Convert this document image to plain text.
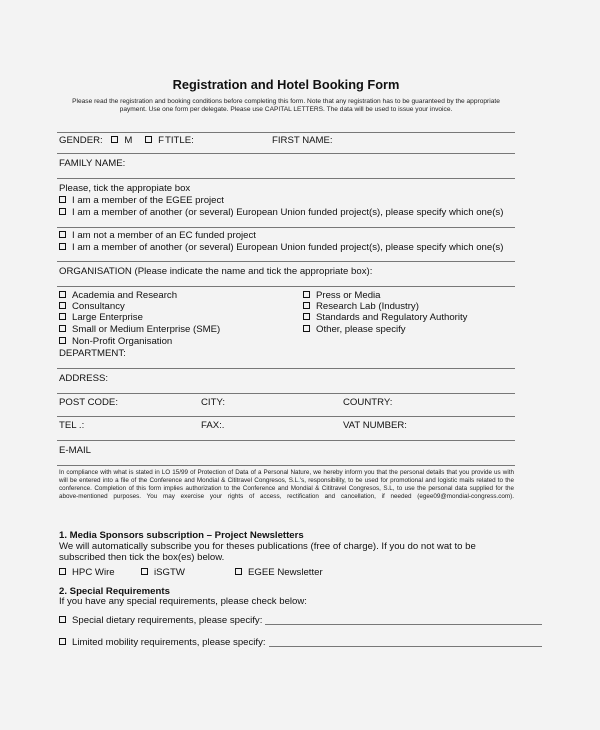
Registration and Hotel Booking Form
Please read the registration and booking conditions before completing this form. Note that any registration has to be guaranteed by the appropriate payment. Use one form per delegate. Please use CAPITAL LETTERS. The data will be used to issue your invoice.
GENDER: M	F TITLE:	FIRST NAME:
FAMILY NAME:
Please, tick the appropiate box
I am a member of the EGEE project
I am a member of another (or several) European Union funded project(s), please specify which one(s)
I am not a member of an EC funded project
I am a member of another (or several) European Union funded project(s), please specify which one(s)
ORGANISATION (Please indicate the name and tick the appropriate box):
Academia and Research
Consultancy
Large Enterprise
Small or Medium Enterprise (SME)
Non-Profit Organisation
Press or Media
Research Lab (Industry)
Standards and Regulatory Authority
Other, please specify
DEPARTMENT:
ADDRESS:
POST CODE:	CITY:	COUNTRY:
TEL .:	FAX:.	VAT NUMBER:
E-MAIL
In compliance with what is stated in LO 15/99 of Protection of Data of a Personal Nature, we hereby inform you that the personal details that you provide us with will be entered into a file of the Conference and Mondial & Cititravel Congresos, S.L.'s, responsibility, to be used for promotional and logistic mails related to the conference. Completion of this form implies authorization to the Conference and Mondial & Cititravel Congresos, S.L, to use the personal data supplied for the above-mentioned purposes. You may exercise your rights of access, rectification and cancellation, if needed (egee09@mondial-congress.com).
1. Media Sponsors subscription – Project Newsletters
We will automatically subscribe you for theses publications (free of charge). If you do not wat to be
subscribed then tick the box(es) below.
HPC Wire	iSGTW	EGEE Newsletter
2. Special Requirements
If you have any special requirements, please check below:
Special dietary requirements, please specify:
Limited mobility requirements, please specify:
